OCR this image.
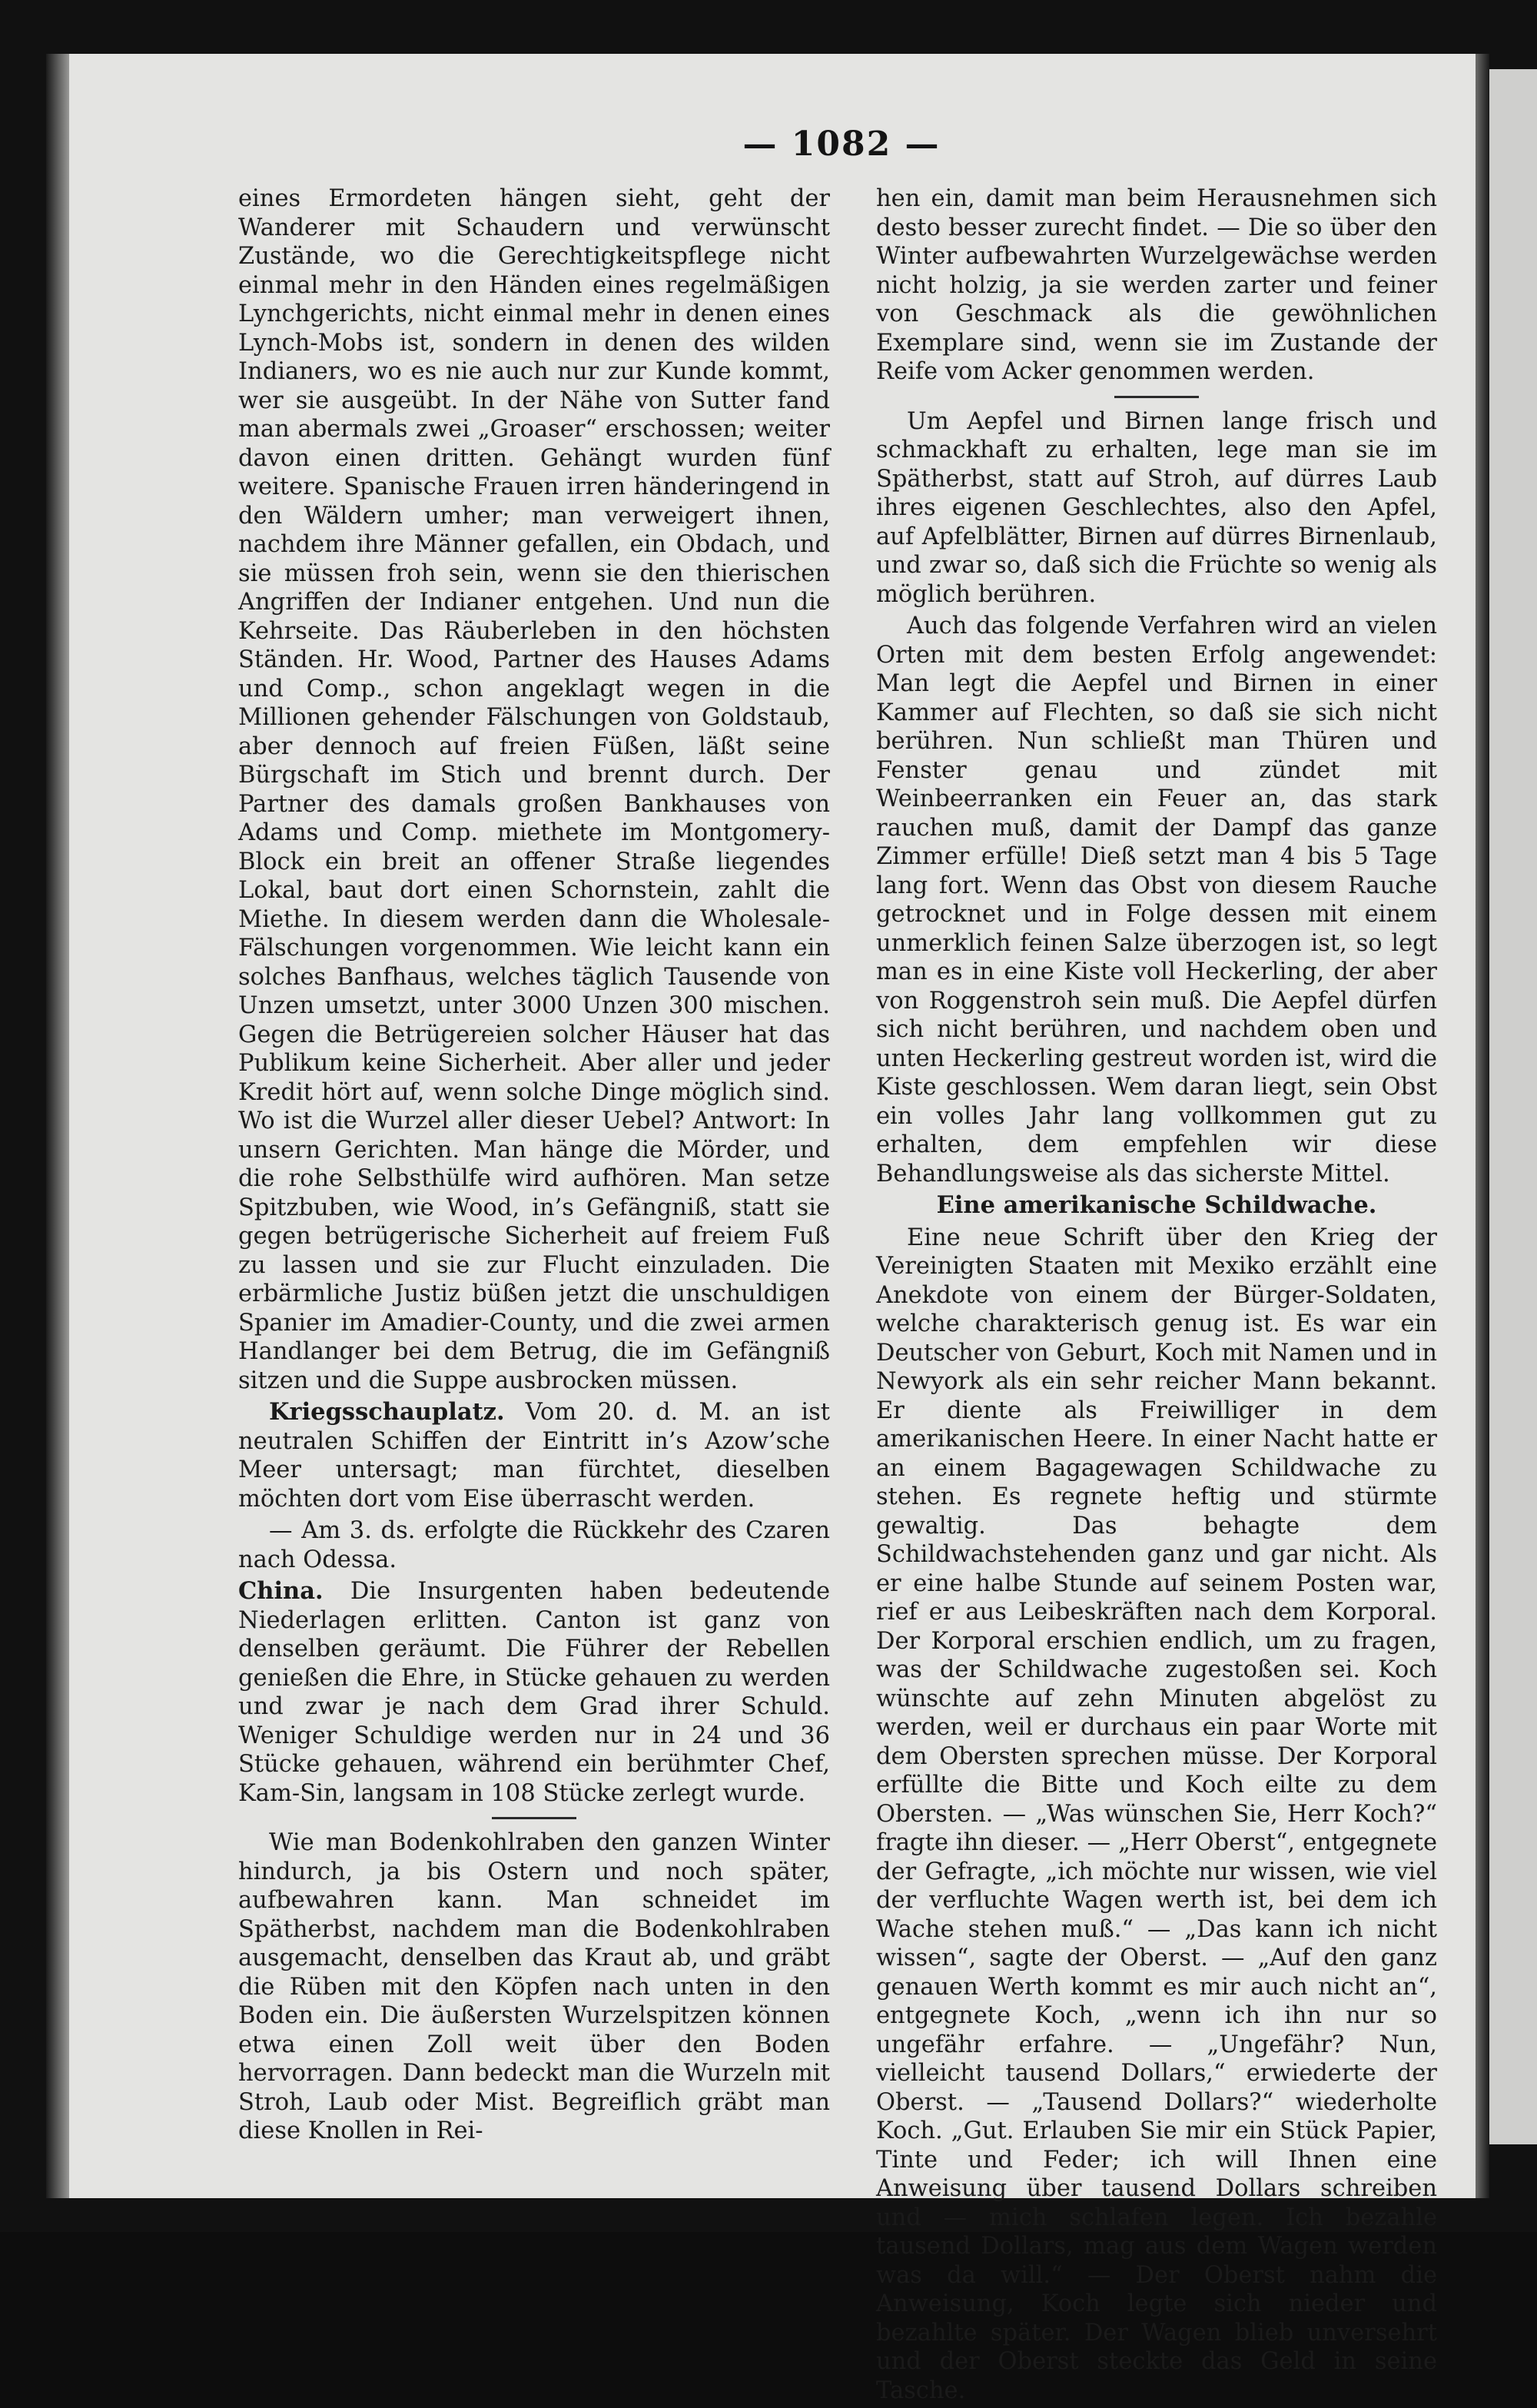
— 1082 —

eines Ermordeten hängen sieht, geht der Wanderer mit Schaudern und verwünscht Zustände, wo die Gerechtigkeitspflege nicht einmal mehr in den Händen eines regelmäßigen Lynchgerichts, nicht einmal mehr in denen eines Lynch-Mobs ist, sondern in denen des wilden Indianers, wo es nie auch nur zur Kunde kommt, wer sie ausgeübt. In der Nähe von Sutter fand man abermals zwei „Groaser“ erschossen; weiter davon einen dritten. Gehängt wurden fünf weitere. Spanische Frauen irren händeringend in den Wäldern umher; man verweigert ihnen, nachdem ihre Männer gefallen, ein Obdach, und sie müssen froh sein, wenn sie den thierischen Angriffen der Indianer entgehen. Und nun die Kehrseite. Das Räuberleben in den höchsten Ständen. Hr. Wood, Partner des Hauses Adams und Comp., schon angeklagt wegen in die Millionen gehender Fälschungen von Goldstaub, aber dennoch auf freien Füßen, läßt seine Bürgschaft im Stich und brennt durch. Der Partner des damals großen Bankhauses von Adams und Comp. miethete im Montgomery-Block ein breit an offener Straße liegendes Lokal, baut dort einen Schornstein, zahlt die Miethe. In diesem werden dann die Wholesale-Fälschungen vorgenommen. Wie leicht kann ein solches Banfhaus, welches täglich Tausende von Unzen umsetzt, unter 3000 Unzen 300 mischen. Gegen die Betrügereien solcher Häuser hat das Publikum keine Sicherheit. Aber aller und jeder Kredit hört auf, wenn solche Dinge möglich sind. Wo ist die Wurzel aller dieser Uebel? Antwort: In unsern Gerichten. Man hänge die Mörder, und die rohe Selbsthülfe wird aufhören. Man setze Spitzbuben, wie Wood, in’s Gefängniß, statt sie gegen betrügerische Sicherheit auf freiem Fuß zu lassen und sie zur Flucht einzuladen. Die erbärmliche Justiz büßen jetzt die unschuldigen Spanier im Amadier-County, und die zwei armen Handlanger bei dem Betrug, die im Gefängniß sitzen und die Suppe ausbrocken müssen.

Kriegsschauplatz. Vom 20. d. M. an ist neutralen Schiffen der Eintritt in’s Azow’sche Meer untersagt; man fürchtet, dieselben möchten dort vom Eise überrascht werden.

— Am 3. ds. erfolgte die Rückkehr des Czaren nach Odessa.

China. Die Insurgenten haben bedeutende Niederlagen erlitten. Canton ist ganz von denselben geräumt. Die Führer der Rebellen genießen die Ehre, in Stücke gehauen zu werden und zwar je nach dem Grad ihrer Schuld. Weniger Schuldige werden nur in 24 und 36 Stücke gehauen, während ein berühmter Chef, Kam-Sin, langsam in 108 Stücke zerlegt wurde.

Wie man Bodenkohlraben den ganzen Winter hindurch, ja bis Ostern und noch später, aufbewahren kann. Man schneidet im Spätherbst, nachdem man die Bodenkohlraben ausgemacht, denselben das Kraut ab, und gräbt die Rüben mit den Köpfen nach unten in den Boden ein. Die äußersten Wurzelspitzen können etwa einen Zoll weit über den Boden hervorragen. Dann bedeckt man die Wurzeln mit Stroh, Laub oder Mist. Begreiflich gräbt man diese Knollen in Rei-

hen ein, damit man beim Herausnehmen sich desto besser zurecht findet. — Die so über den Winter aufbewahrten Wurzelgewächse werden nicht holzig, ja sie werden zarter und feiner von Geschmack als die gewöhnlichen Exemplare sind, wenn sie im Zustande der Reife vom Acker genommen werden.

Um Aepfel und Birnen lange frisch und schmackhaft zu erhalten, lege man sie im Spätherbst, statt auf Stroh, auf dürres Laub ihres eigenen Geschlechtes, also den Apfel, auf Apfelblätter, Birnen auf dürres Birnenlaub, und zwar so, daß sich die Früchte so wenig als möglich berühren.

Auch das folgende Verfahren wird an vielen Orten mit dem besten Erfolg angewendet: Man legt die Aepfel und Birnen in einer Kammer auf Flechten, so daß sie sich nicht berühren. Nun schließt man Thüren und Fenster genau und zündet mit Weinbeerranken ein Feuer an, das stark rauchen muß, damit der Dampf das ganze Zimmer erfülle! Dieß setzt man 4 bis 5 Tage lang fort. Wenn das Obst von diesem Rauche getrocknet und in Folge dessen mit einem unmerklich feinen Salze überzogen ist, so legt man es in eine Kiste voll Heckerling, der aber von Roggenstroh sein muß. Die Aepfel dürfen sich nicht berühren, und nachdem oben und unten Heckerling gestreut worden ist, wird die Kiste geschlossen. Wem daran liegt, sein Obst ein volles Jahr lang vollkommen gut zu erhalten, dem empfehlen wir diese Behandlungsweise als das sicherste Mittel.

Eine amerikanische Schildwache.

Eine neue Schrift über den Krieg der Vereinigten Staaten mit Mexiko erzählt eine Anekdote von einem der Bürger-Soldaten, welche charakterisch genug ist. Es war ein Deutscher von Geburt, Koch mit Namen und in Newyork als ein sehr reicher Mann bekannt. Er diente als Freiwilliger in dem amerikanischen Heere. In einer Nacht hatte er an einem Bagagewagen Schildwache zu stehen. Es regnete heftig und stürmte gewaltig. Das behagte dem Schildwachstehenden ganz und gar nicht. Als er eine halbe Stunde auf seinem Posten war, rief er aus Leibeskräften nach dem Korporal. Der Korporal erschien endlich, um zu fragen, was der Schildwache zugestoßen sei. Koch wünschte auf zehn Minuten abgelöst zu werden, weil er durchaus ein paar Worte mit dem Obersten sprechen müsse. Der Korporal erfüllte die Bitte und Koch eilte zu dem Obersten. — „Was wünschen Sie, Herr Koch?“ fragte ihn dieser. — „Herr Oberst“, entgegnete der Gefragte, „ich möchte nur wissen, wie viel der verfluchte Wagen werth ist, bei dem ich Wache stehen muß.“ — „Das kann ich nicht wissen“, sagte der Oberst. — „Auf den ganz genauen Werth kommt es mir auch nicht an“, entgegnete Koch, „wenn ich ihn nur so ungefähr erfahre. — „Ungefähr? Nun, vielleicht tausend Dollars,“ erwiederte der Oberst. — „Tausend Dollars?“ wiederholte Koch. „Gut. Erlauben Sie mir ein Stück Papier, Tinte und Feder; ich will Ihnen eine Anweisung über tausend Dollars schreiben und — mich schlafen legen. Ich bezahle tausend Dollars, mag aus dem Wagen werden was da will.“ — Der Oberst nahm die Anweisung, Koch legte sich nieder und bezahlte später. Der Wagen blieb unversehrt und der Oberst steckte das Geld in seine Tasche.
